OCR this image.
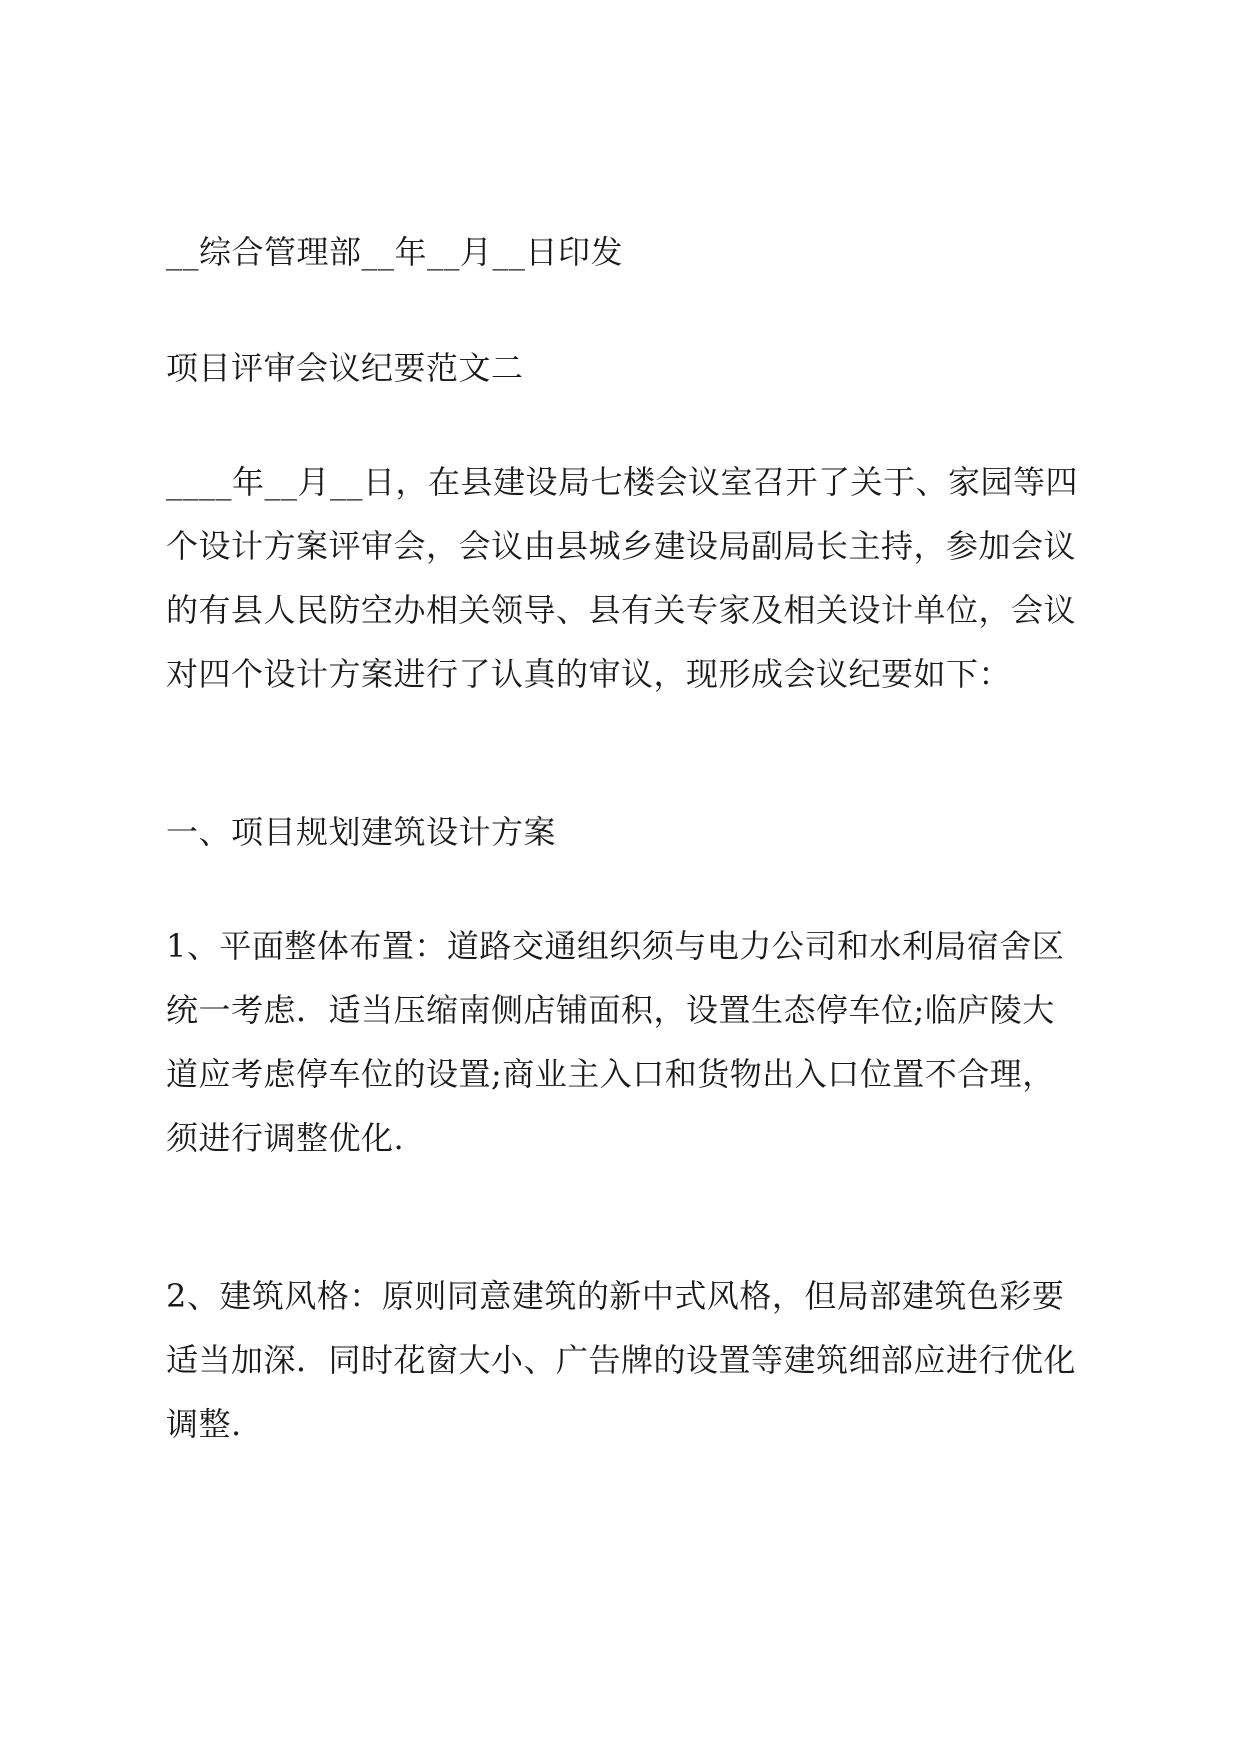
__综合管理部__年__月__日印发
项目评审会议纪要范文二
____年__月__日，在县建设局七楼会议室召开了关于、家园等四
个设计方案评审会，会议由县城乡建设局副局长主持，参加会议
的有县人民防空办相关领导、县有关专家及相关设计单位，会议
对四个设计方案进行了认真的审议，现形成会议纪要如下：
一、项目规划建筑设计方案
1、平面整体布置：道路交通组织须与电力公司和水利局宿舍区
统一考虑．适当压缩南侧店铺面积，设置生态停车位;临庐陵大
道应考虑停车位的设置;商业主入口和货物出入口位置不合理，
须进行调整优化.
2、建筑风格：原则同意建筑的新中式风格，但局部建筑色彩要
适当加深．同时花窗大小、广告牌的设置等建筑细部应进行优化
调整.
